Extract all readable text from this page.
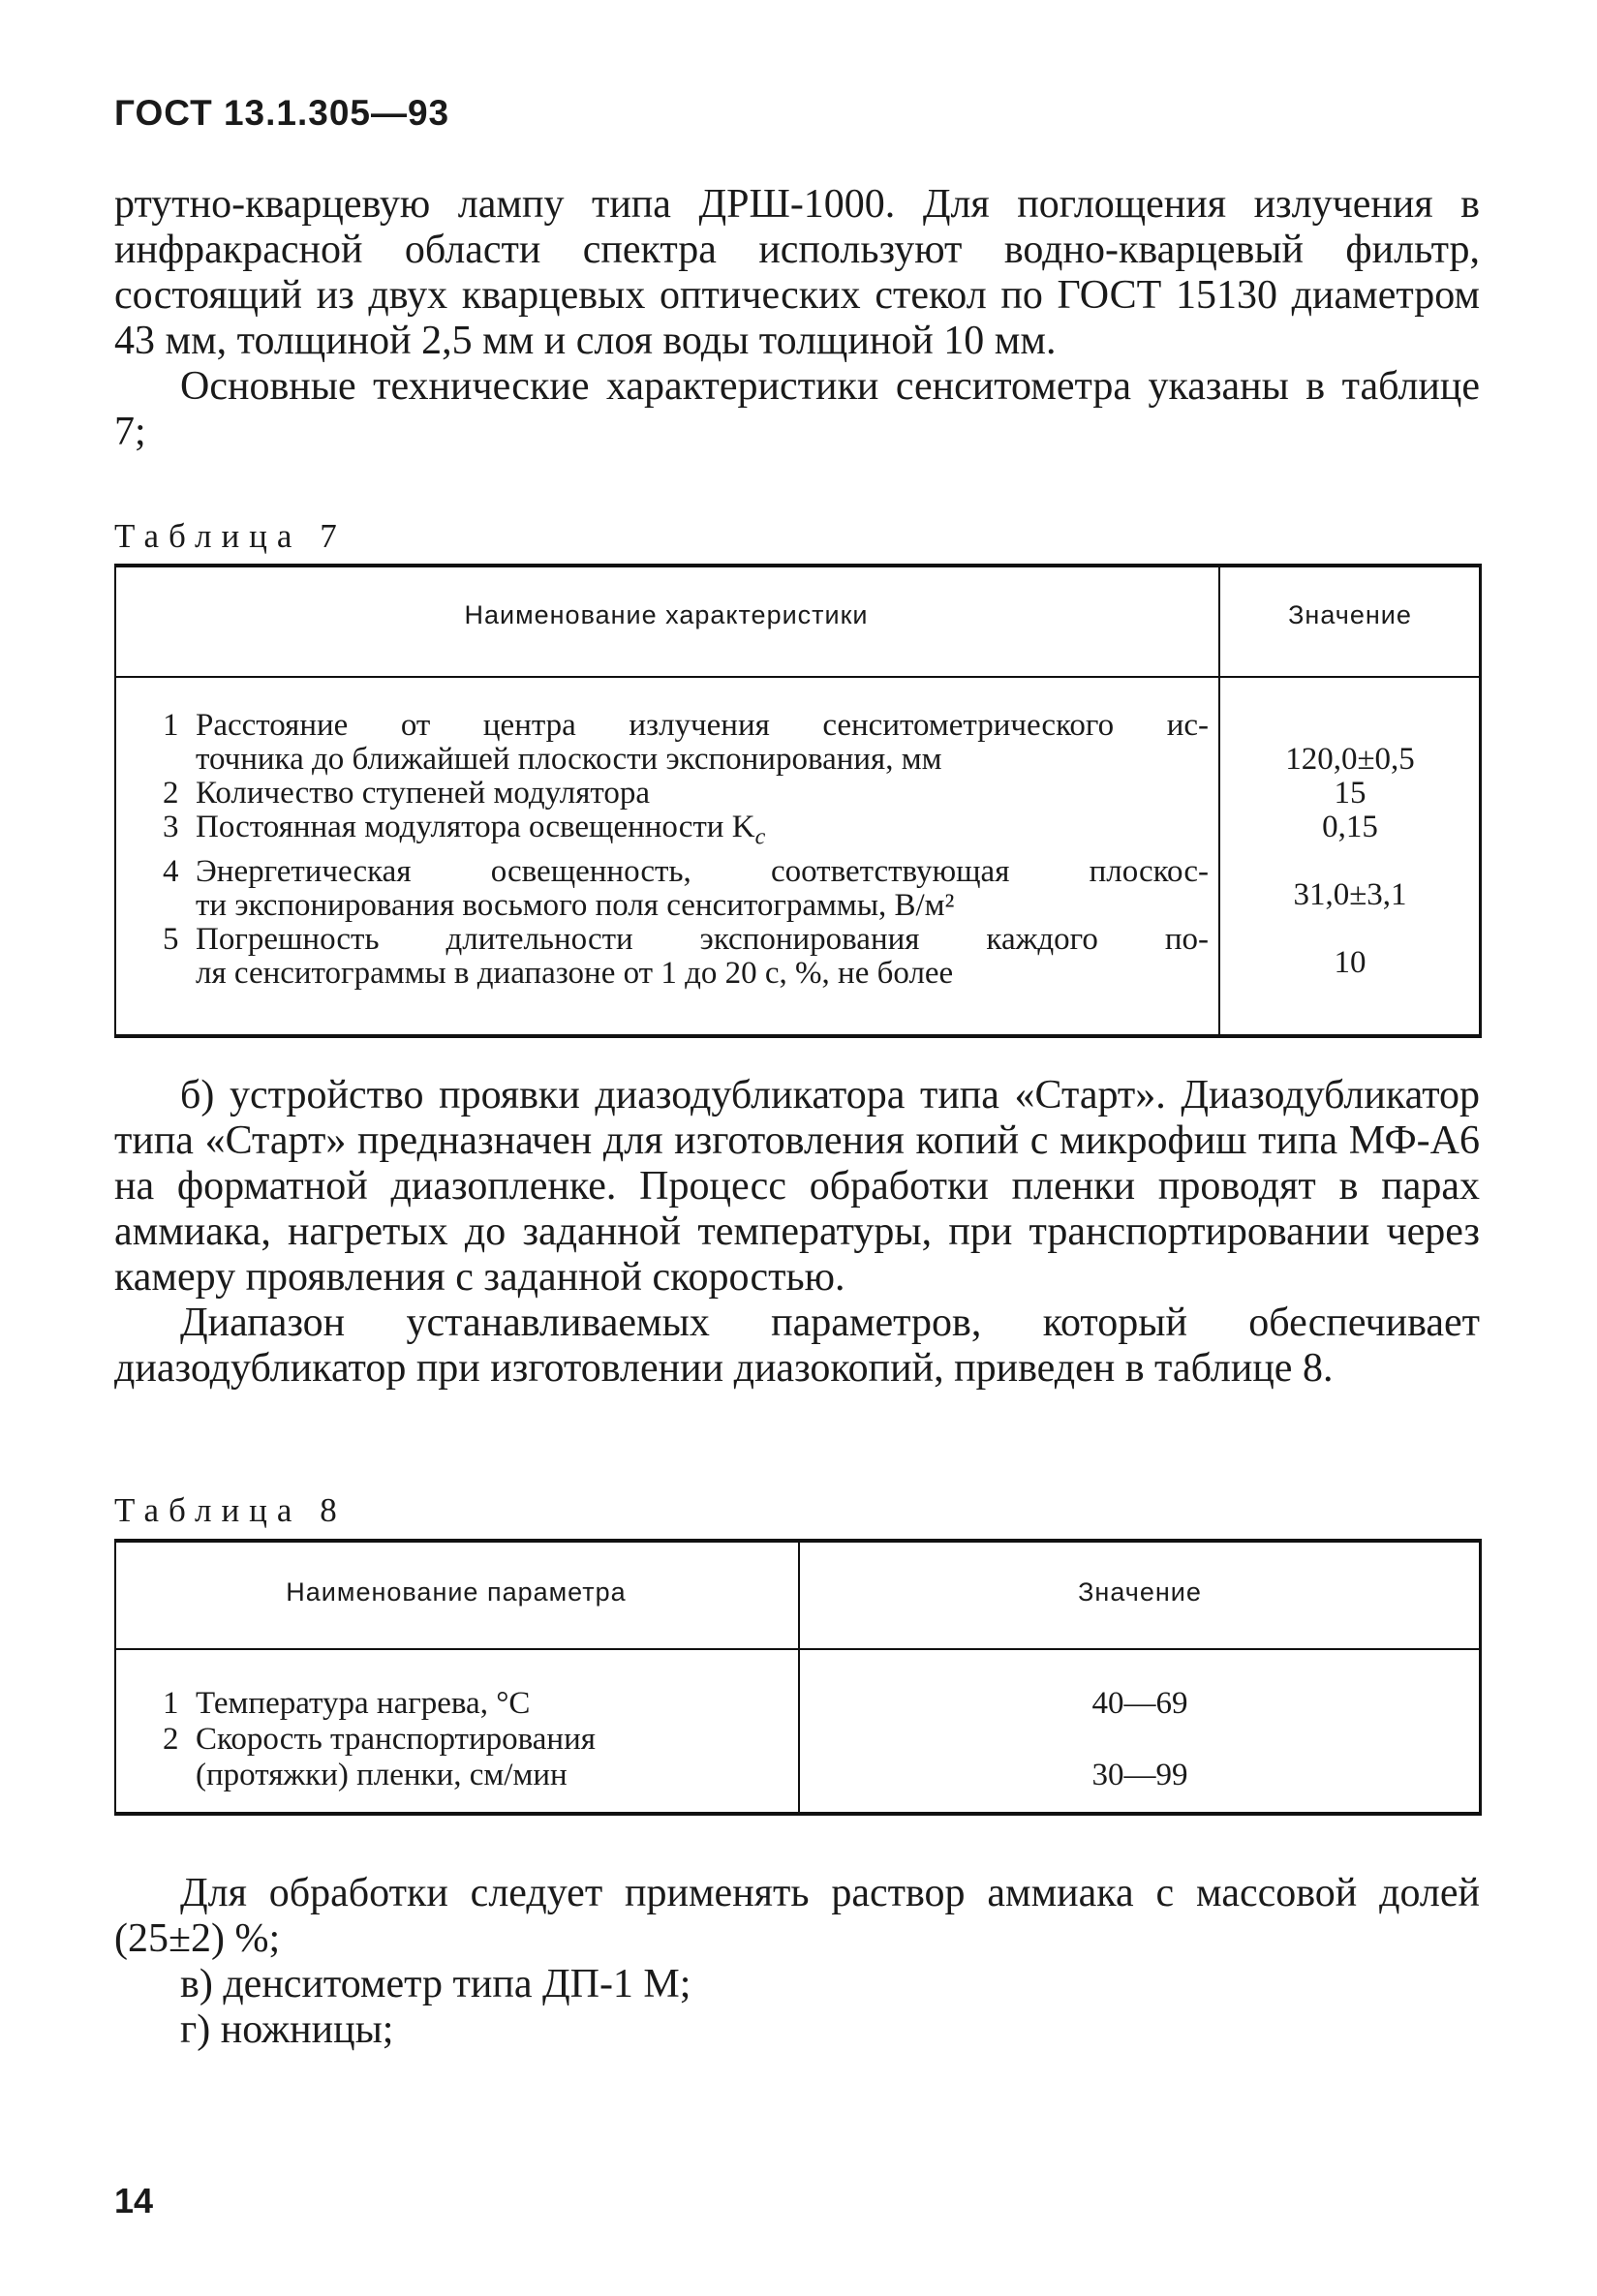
ГОСТ 13.1.305—93

ртутно-кварцевую лампу типа ДРШ-1000. Для поглощения излучения в инфракрасной области спектра используют водно-кварцевый фильтр, состоящий из двух кварцевых оптических стекол по ГОСТ 15130 диаметром 43 мм, толщиной 2,5 мм и слоя воды толщиной 10 мм.

Основные технические характеристики сенситометра указаны в таблице 7;

Таблица 7
Наименование характеристики	Значение
1 Расстояние от центра излучения сенситометрического ис-
точника до ближайшей плоскости экспонирования, мм
2 Количество ступеней модулятора
3 Постоянная модулятора освещенности $K_c$
4 Энергетическая освещенность, соответствующая плоскос-
ти экспонирования восьмого поля сенситограммы, В/м²
5 Погрешность длительности экспонирования каждого по-
ля сенситограммы в диапазоне от 1 до 20 с, %, не более
120,0±0,5
15
0,15
31,0±3,1
10

б) устройство проявки диазодубликатора типа «Старт». Диазодубликатор типа «Старт» предназначен для изготовления копий с микрофиш типа МФ-А6 на форматной диазопленке. Процесс обработки пленки проводят в парах аммиака, нагретых до заданной температуры, при транспортировании через камеру проявления с заданной скоростью.

Диапазон устанавливаемых параметров, который обеспечивает диазодубликатор при изготовлении диазокопий, приведен в таблице 8.

Таблица 8
Наименование параметра	Значение
1 Температура нагрева, °С
2 Скорость транспортирования
(протяжки) пленки, см/мин
40—69
30—99

Для обработки следует применять раствор аммиака с массовой долей (25±2) %;

в) денситометр типа ДП-1 М;

г) ножницы;

14
